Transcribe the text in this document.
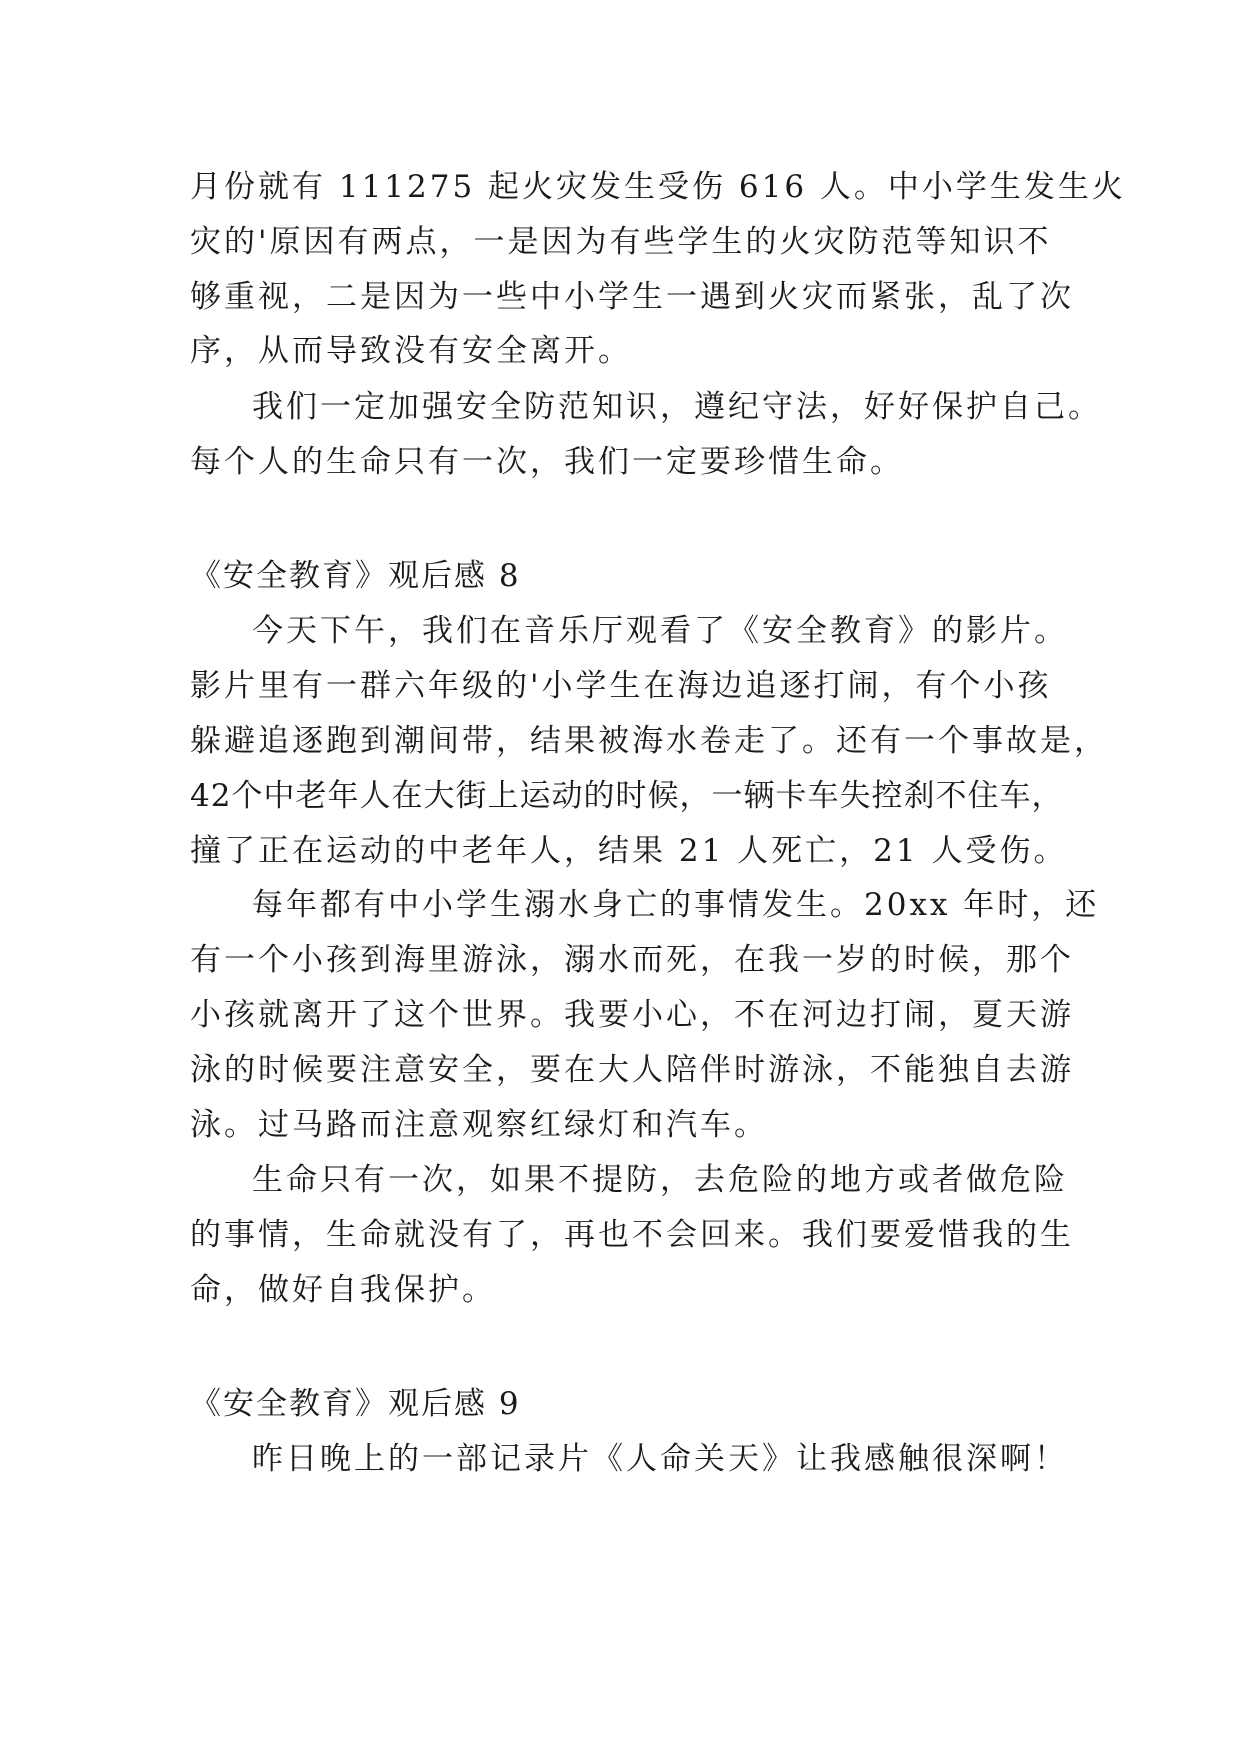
月份就有 111275 起火灾发生受伤 616 人。中小学生发生火
灾的'原因有两点，一是因为有些学生的火灾防范等知识不
够重视，二是因为一些中小学生一遇到火灾而紧张，乱了次
序，从而导致没有安全离开。
我们一定加强安全防范知识，遵纪守法，好好保护自己。
每个人的生命只有一次，我们一定要珍惜生命。
《安全教育》观后感 8
今天下午，我们在音乐厅观看了《安全教育》的影片。
影片里有一群六年级的'小学生在海边追逐打闹，有个小孩
躲避追逐跑到潮间带，结果被海水卷走了。还有一个事故是，
42个中老年人在大街上运动的时候，一辆卡车失控刹不住车，
撞了正在运动的中老年人，结果 21 人死亡，21 人受伤。
每年都有中小学生溺水身亡的事情发生。20xx 年时，还
有一个小孩到海里游泳，溺水而死，在我一岁的时候，那个
小孩就离开了这个世界。我要小心，不在河边打闹，夏天游
泳的时候要注意安全，要在大人陪伴时游泳，不能独自去游
泳。过马路而注意观察红绿灯和汽车。
生命只有一次，如果不提防，去危险的地方或者做危险
的事情，生命就没有了，再也不会回来。我们要爱惜我的生
命，做好自我保护。
《安全教育》观后感 9
昨日晚上的一部记录片《人命关天》让我感触很深啊！
